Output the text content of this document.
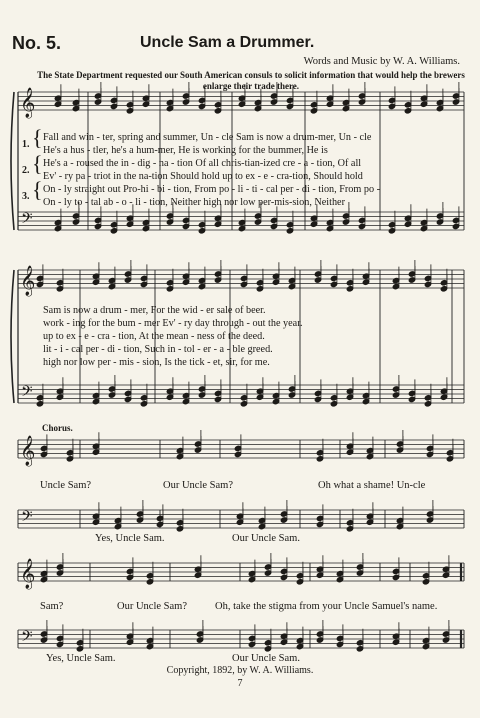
𝄞
𝄢
𝄞
𝄢
𝄞
𝄢
𝄞
𝄢
No. 5.	Uncle Sam a Drummer.
Words and Music by W. A. Williams.
The State Department requested our South American consuls to solicit information that would help the brewers enlarge their trade there.
1.
2.
3.
{
{
{
Fall and win - ter, spring and summer, Un - cle Sam is now a drum-mer, Un - cle
He's a hus - tler, he's a hum-mer, He is working for the bummer, He is
He's a - roused the in - dig - na - tion Of all chris-tian-ized cre - a - tion, Of all
Ev' - ry pa - triot in the na-tion Should hold up to ex - e - cra-tion, Should hold
On - ly straight out Pro-hi - bi - tion, From po - li - ti - cal per - di - tion, From po -
On - ly to - tal ab - o - li - tion, Neither high nor low per-mis-sion, Neither
Sam is now a drum - mer, For the wid - er sale of beer.
work - ing for the bum - mer Ev' - ry day through - out the year.
up to ex - e - cra - tion, At the mean - ness of the deed.
lit - i - cal per - di - tion, Such in - tol - er - a - ble greed.
high nor low per - mis - sion, Is the tick - et, sir, for me.
Chorus.
Uncle Sam?	Our Uncle Sam?	Oh what a shame! Un-cle
Yes, Uncle Sam.	Our Uncle Sam.
Sam?	Our Uncle Sam?	Oh, take the stigma from your Uncle Samuel's name.
Yes, Uncle Sam.	Our Uncle Sam.
Copyright, 1892, by W. A. Williams.
7
